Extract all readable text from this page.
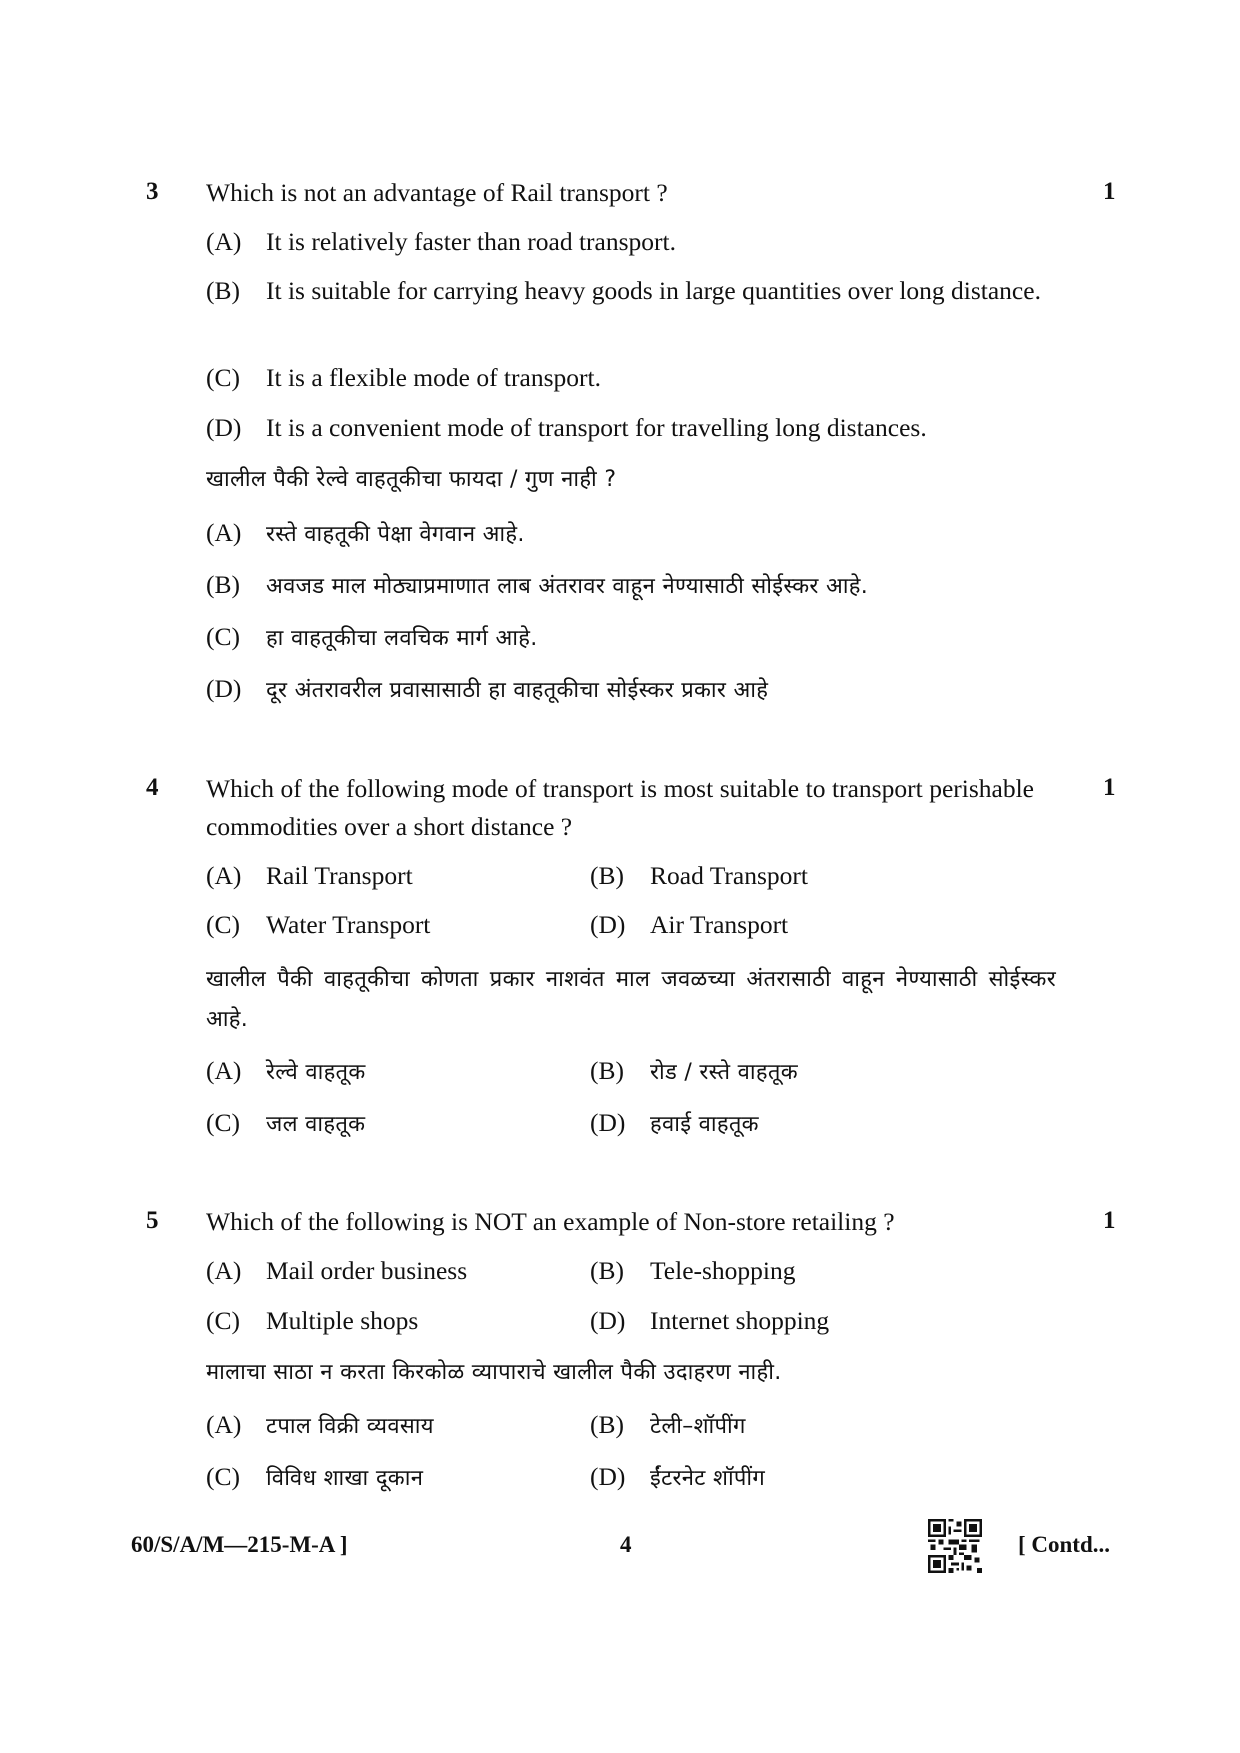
3	1
Which is not an advantage of Rail transport ?
(A) It is relatively faster than road transport.
(B) It is suitable for carrying heavy goods in large quantities over long distance.
(C) It is a flexible mode of transport.
(D) It is a convenient mode of transport for travelling long distances.
खालील पैकी रेल्वे वाहतूकीचा फायदा / गुण नाही ?
(A) रस्ते वाहतूकी पेक्षा वेगवान आहे.
(B) अवजड माल मोठ्याप्रमाणात लाब अंतरावर वाहून नेण्यासाठी सोईस्कर आहे.
(C) हा वाहतूकीचा लवचिक मार्ग आहे.
(D) दूर अंतरावरील प्रवासासाठी हा वाहतूकीचा सोईस्कर प्रकार आहे
4	1
Which of the following mode of transport is most suitable to transport perishable commodities over a short distance ?
(A) Rail Transport	(B) Road Transport
(C) Water Transport	(D) Air Transport
खालील पैकी वाहतूकीचा कोणता प्रकार नाशवंत माल जवळच्या अंतरासाठी वाहून नेण्यासाठी सोईस्कर आहे.
(A) रेल्वे वाहतूक	(B) रोड / रस्ते वाहतूक
(C) जल वाहतूक	(D) हवाई वाहतूक
5	1
Which of the following is NOT an example of Non-store retailing ?
(A) Mail order business	(B) Tele-shopping
(C) Multiple shops	(D) Internet shopping
मालाचा साठा न करता किरकोळ व्यापाराचे खालील पैकी उदाहरण नाही.
(A) टपाल विक्री व्यवसाय	(B) टेली–शॉपींग
(C) विविध शाखा दूकान	(D) ईंटरनेट शॉपींग
60/S/A/M—215-M-A ]	4	[ Contd...
